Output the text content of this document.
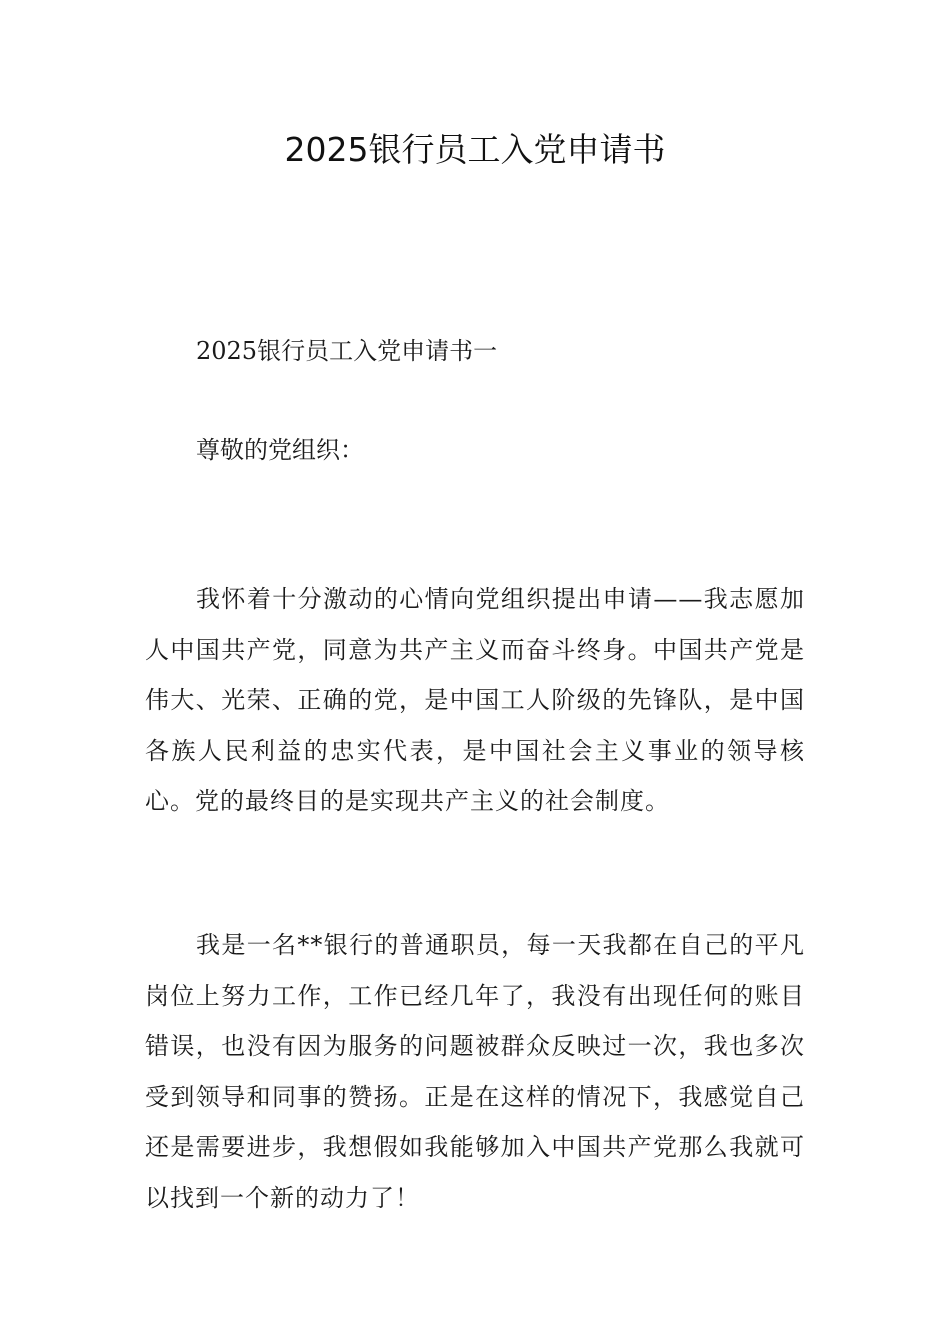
2025银行员工入党申请书

2025银行员工入党申请书一

尊敬的党组织：

我怀着十分激动的心情向党组织提出申请——我志愿加人中国共产党，同意为共产主义而奋斗终身。中国共产党是伟大、光荣、正确的党，是中国工人阶级的先锋队，是中国各族人民利益的忠实代表，是中国社会主义事业的领导核心。党的最终目的是实现共产主义的社会制度。

我是一名**银行的普通职员，每一天我都在自己的平凡岗位上努力工作，工作已经几年了，我没有出现任何的账目错误，也没有因为服务的问题被群众反映过一次，我也多次受到领导和同事的赞扬。正是在这样的情况下，我感觉自己还是需要进步，我想假如我能够加入中国共产党那么我就可以找到一个新的动力了！
